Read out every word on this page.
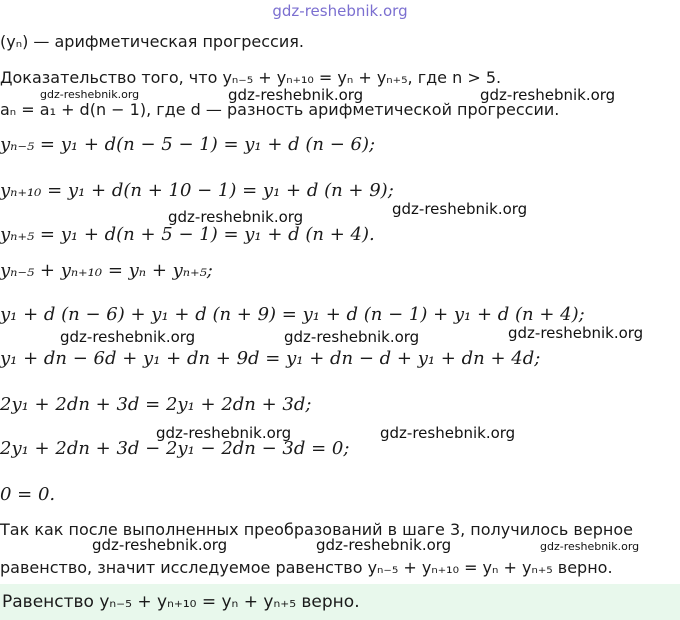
gdz-reshebnik.org
(yₙ) — арифметическая прогрессия.
Доказательство того, что yₙ₋₅ + yₙ₊₁₀ = yₙ + yₙ₊₅, где n > 5.
aₙ = a₁ + d(n − 1), где d — разность арифметической прогрессии.
yₙ₋₅ = y₁ + d(n − 5 − 1) = y₁ + d (n − 6);
yₙ₊₁₀ = y₁ + d(n + 10 − 1) = y₁ + d (n + 9);
yₙ₊₅ = y₁ + d(n + 5 − 1) = y₁ + d (n + 4).
yₙ₋₅ + yₙ₊₁₀ = yₙ + yₙ₊₅;
y₁ + d (n − 6) + y₁ + d (n + 9) = y₁ + d (n − 1) + y₁ + d (n + 4);
y₁ + dn − 6d + y₁ + dn + 9d = y₁ + dn − d + y₁ + dn + 4d;
2y₁ + 2dn + 3d = 2y₁ + 2dn + 3d;
2y₁ + 2dn + 3d − 2y₁ − 2dn − 3d = 0;
0 = 0.
Так как после выполненных преобразований в шаге 3, получилось верное
равенство, значит исследуемое равенство yₙ₋₅ + yₙ₊₁₀ = yₙ + yₙ₊₅ верно.
Равенство yₙ₋₅ + yₙ₊₁₀ = yₙ + yₙ₊₅ верно.
gdz-reshebnik.org	gdz-reshebnik.org	gdz-reshebnik.org
gdz-reshebnik.org
gdz-reshebnik.org
gdz-reshebnik.org	gdz-reshebnik.org	gdz-reshebnik.org
gdz-reshebnik.org	gdz-reshebnik.org
gdz-reshebnik.org	gdz-reshebnik.org	gdz-reshebnik.org
